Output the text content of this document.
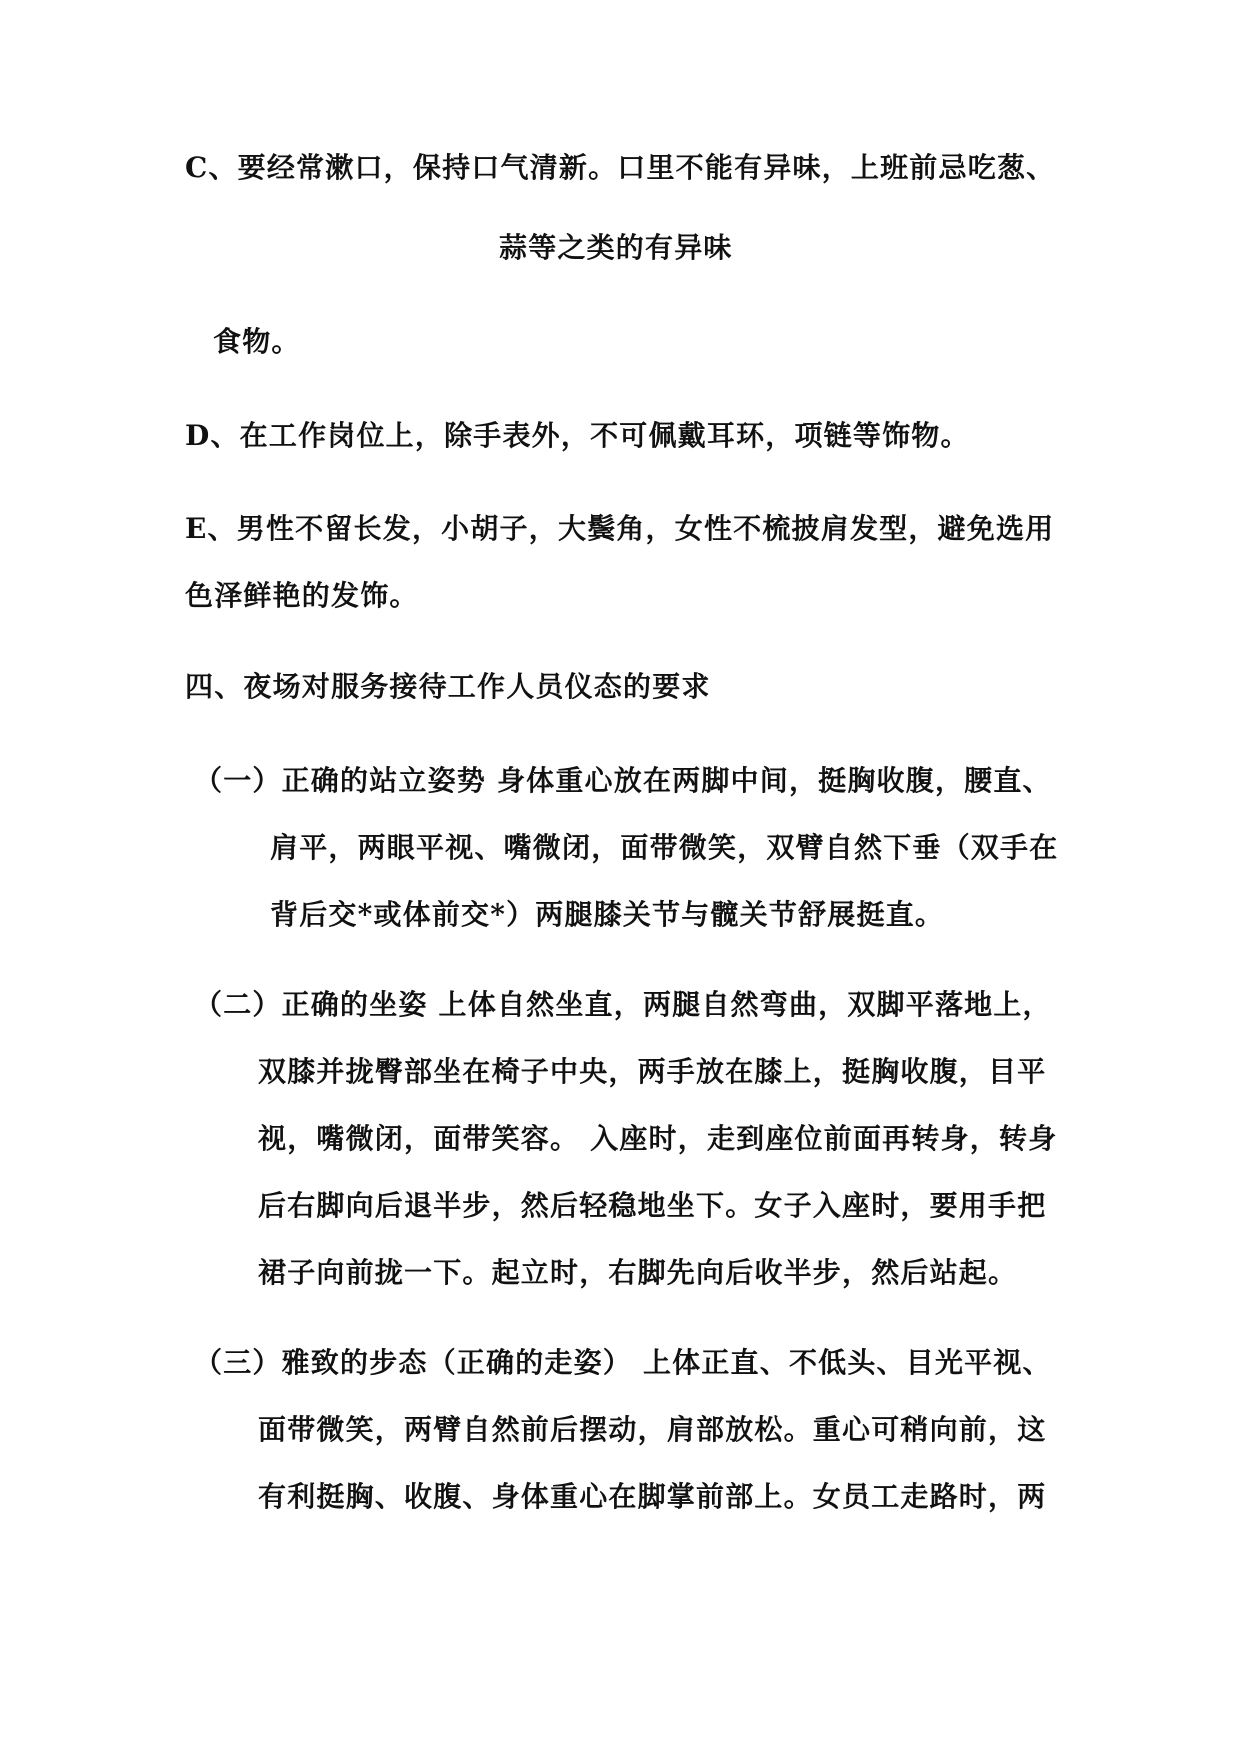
C、要经常漱口，保持口气清新。口里不能有异味，上班前忌吃葱、
蒜等之类的有异味
食物。
D、在工作岗位上，除手表外，不可佩戴耳环，项链等饰物。
E、男性不留长发，小胡子，大鬓角，女性不梳披肩发型，避免选用
色泽鲜艳的发饰。
四、夜场对服务接待工作人员仪态的要求
（一）正确的站立姿势 身体重心放在两脚中间，挺胸收腹，腰直、
肩平，两眼平视、嘴微闭，面带微笑，双臂自然下垂（双手在
背后交*或体前交*）两腿膝关节与髋关节舒展挺直。
（二）正确的坐姿 上体自然坐直，两腿自然弯曲，双脚平落地上，
双膝并拢臀部坐在椅子中央，两手放在膝上，挺胸收腹，目平
视，嘴微闭，面带笑容。 入座时，走到座位前面再转身，转身
后右脚向后退半步，然后轻稳地坐下。女子入座时，要用手把
裙子向前拢一下。起立时，右脚先向后收半步，然后站起。
（三）雅致的步态（正确的走姿） 上体正直、不低头、目光平视、
面带微笑，两臂自然前后摆动，肩部放松。重心可稍向前，这
有利挺胸、收腹、身体重心在脚掌前部上。女员工走路时，两
